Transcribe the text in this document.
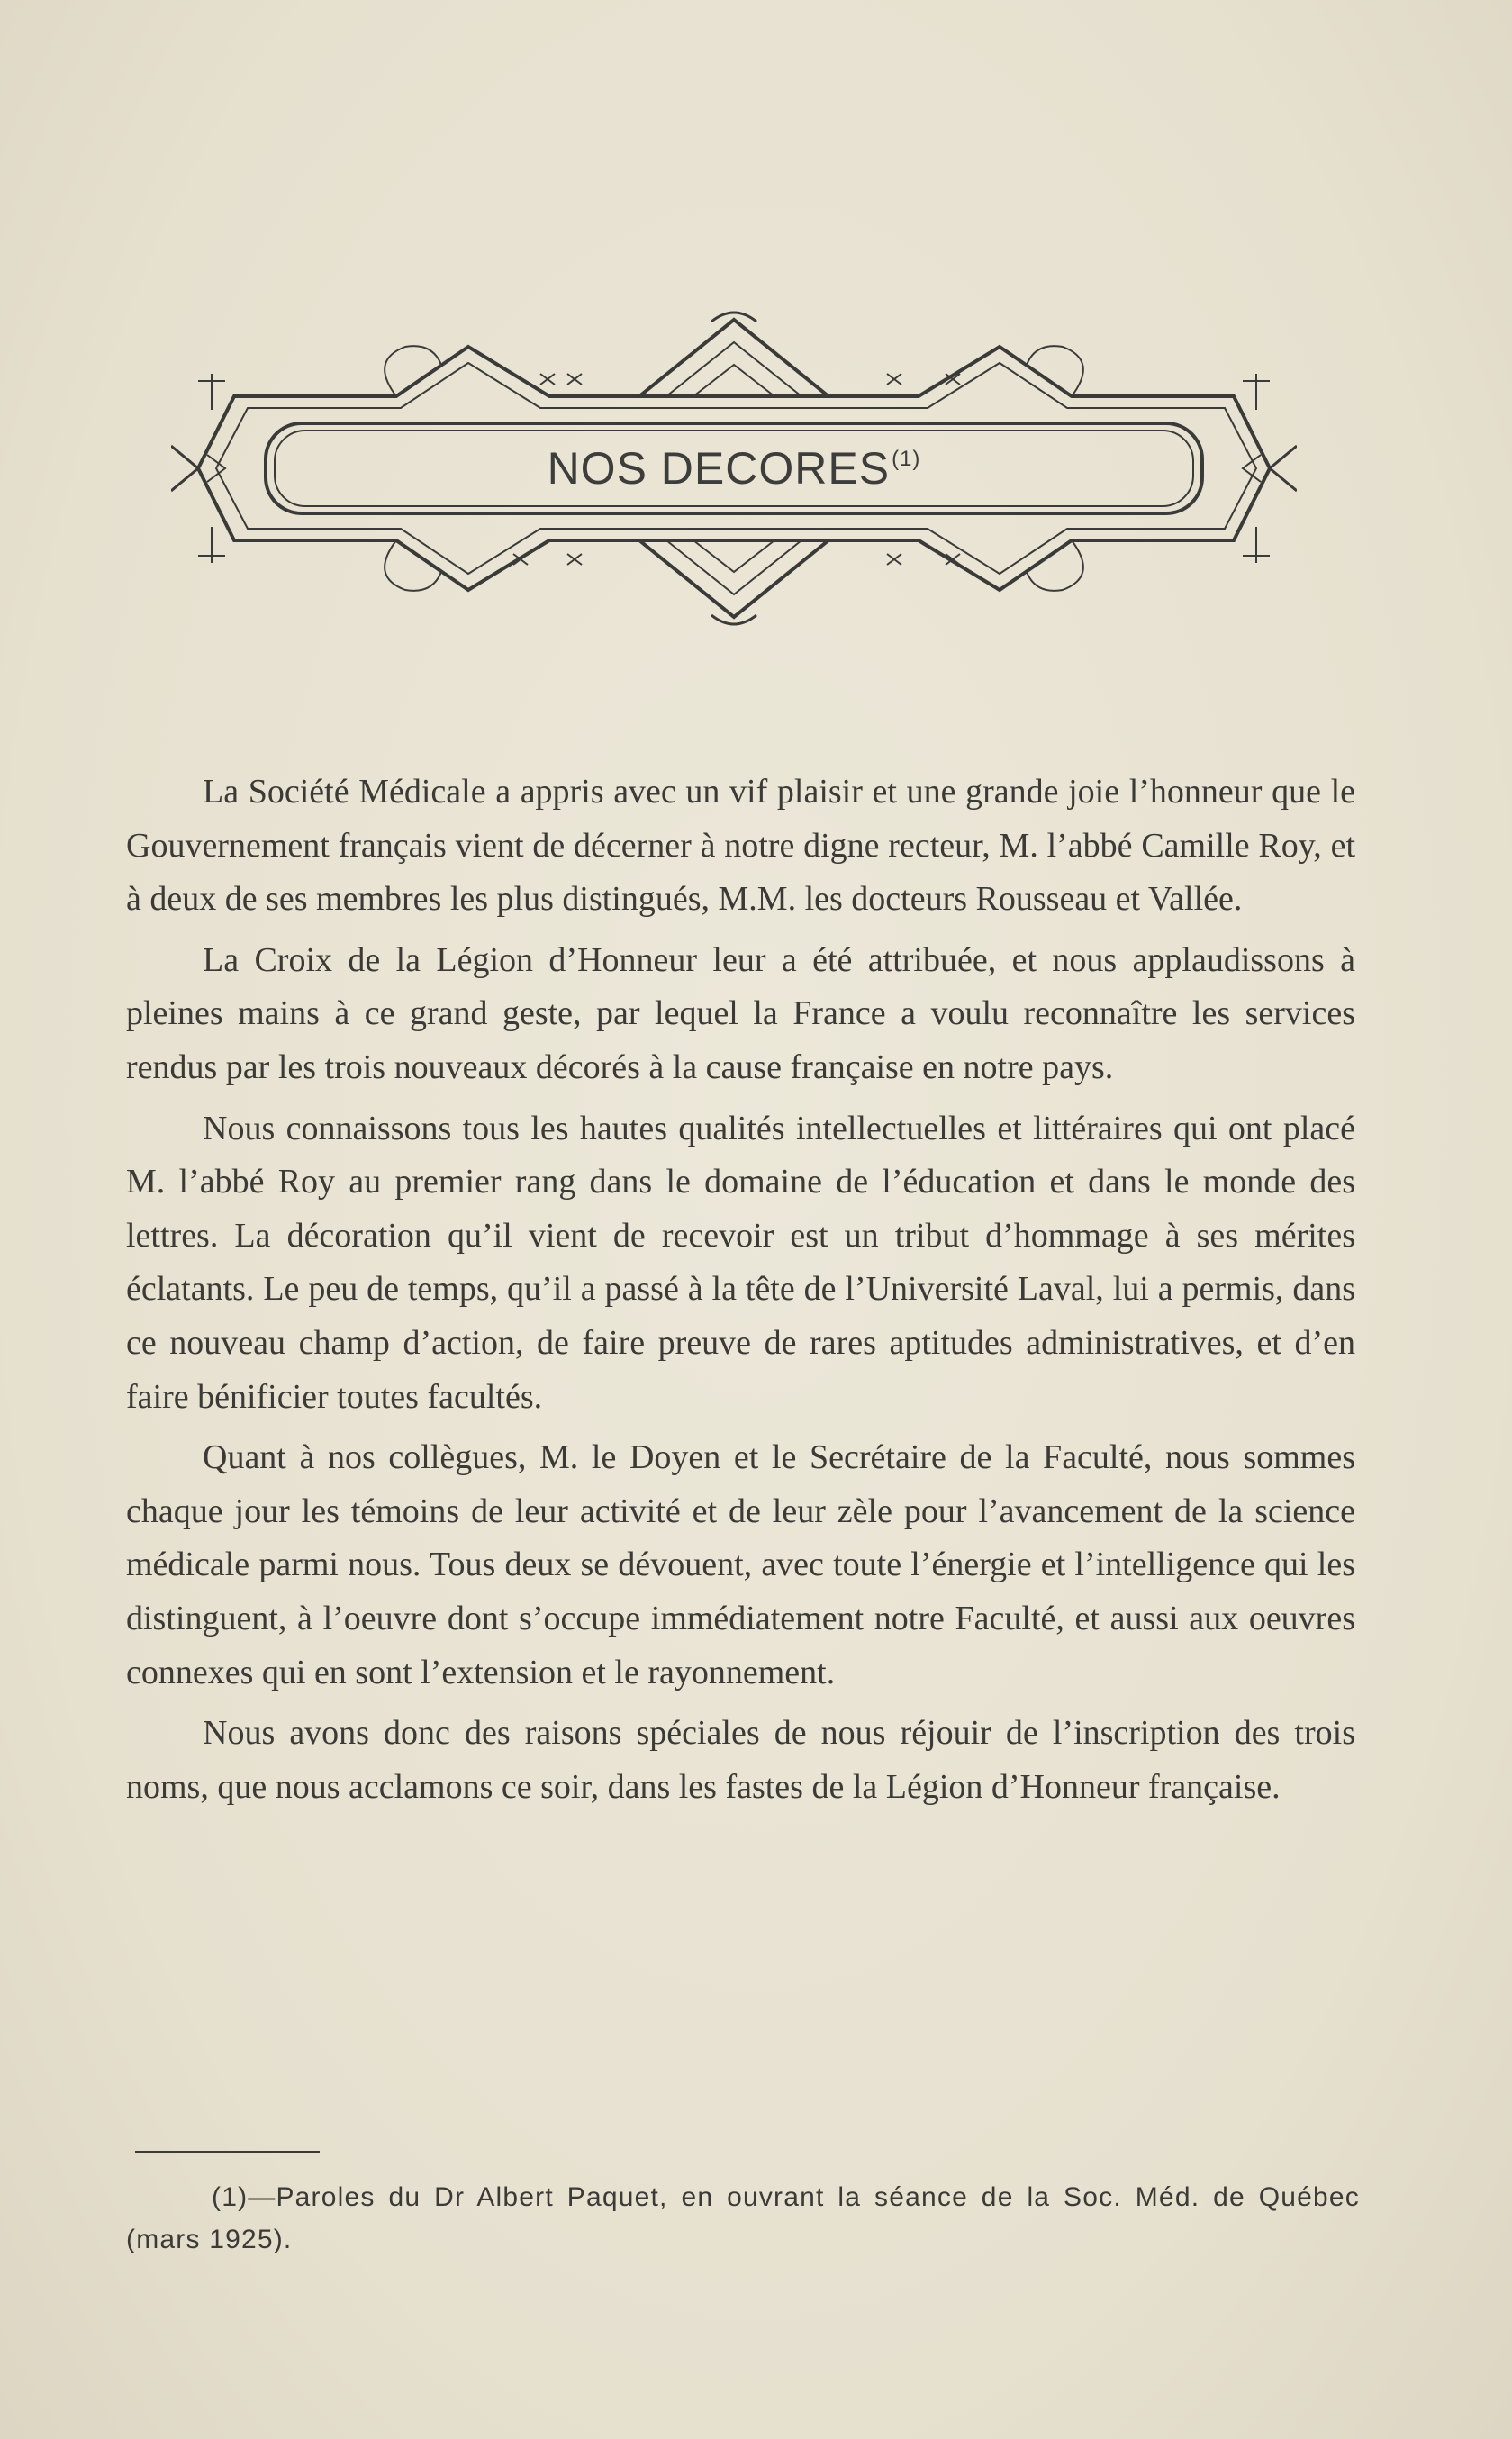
NOS DECORES$^{(1)}$

La Société Médicale a appris avec un vif plaisir et une grande joie l’honneur que le Gouvernement français vient de décerner à notre digne recteur, M. l’abbé Camille Roy, et à deux de ses membres les plus distingués, M.M. les docteurs Rousseau et Vallée.

La Croix de la Légion d’Honneur leur a été attribuée, et nous applaudissons à pleines mains à ce grand geste, par lequel la France a voulu reconnaître les services rendus par les trois nouveaux décorés à la cause française en notre pays.

Nous connaissons tous les hautes qualités intellectuelles et littéraires qui ont placé M. l’abbé Roy au premier rang dans le domaine de l’éducation et dans le monde des lettres. La décoration qu’il vient de recevoir est un tribut d’hommage à ses mérites éclatants. Le peu de temps, qu’il a passé à la tête de l’Université Laval, lui a permis, dans ce nouveau champ d’action, de faire preuve de rares aptitudes administratives, et d’en faire bénificier toutes facultés.

Quant à nos collègues, M. le Doyen et le Secrétaire de la Faculté, nous sommes chaque jour les témoins de leur activité et de leur zèle pour l’avancement de la science médicale parmi nous. Tous deux se dévouent, avec toute l’énergie et l’intelligence qui les distinguent, à l’oeuvre dont s’occupe immédiatement notre Faculté, et aussi aux oeuvres connexes qui en sont l’extension et le rayonnement.

Nous avons donc des raisons spéciales de nous réjouir de l’inscription des trois noms, que nous acclamons ce soir, dans les fastes de la Légion d’Honneur française.

(1)—Paroles du Dr Albert Paquet, en ouvrant la séance de la Soc. Méd. de Québec (mars 1925).
